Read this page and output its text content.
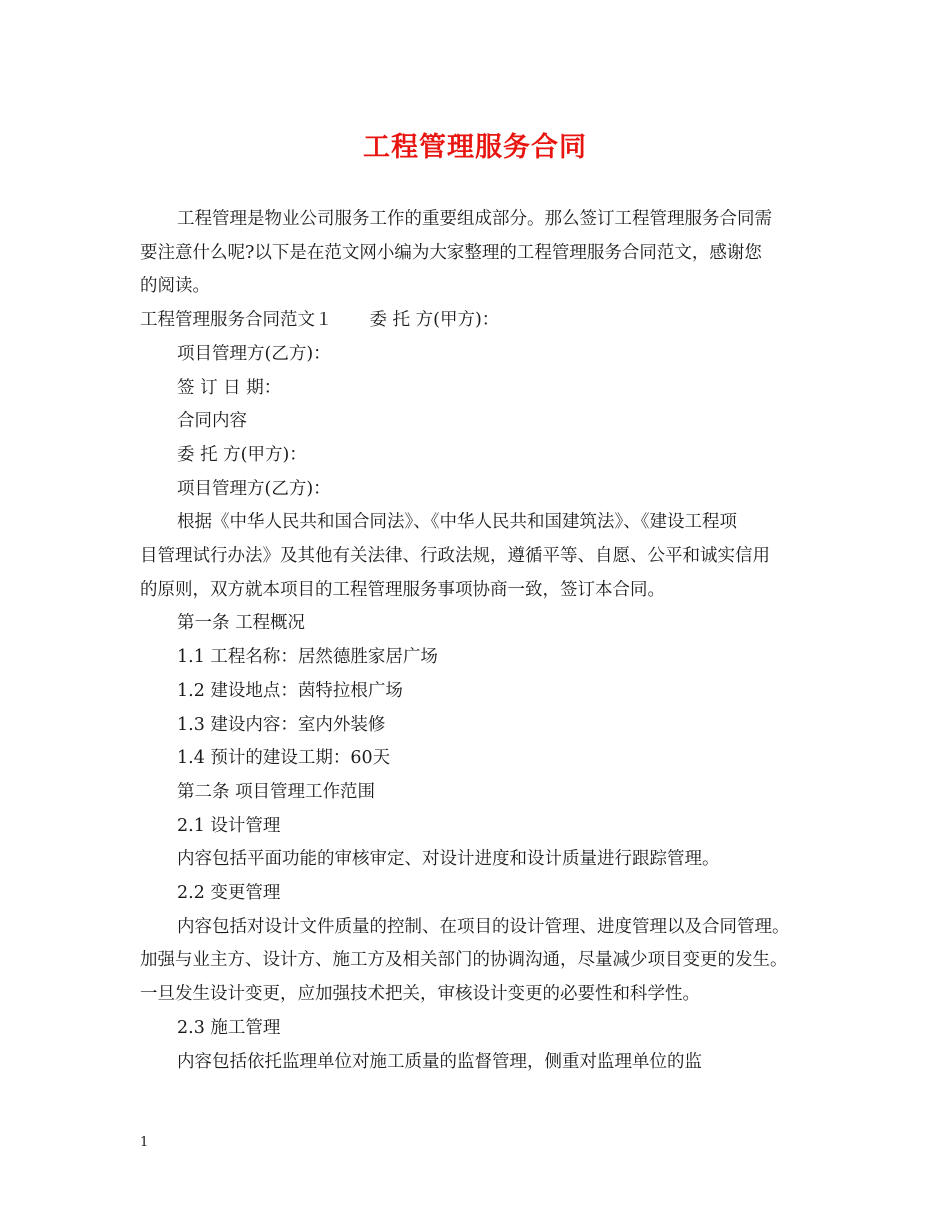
工程管理服务合同

工程管理是物业公司服务工作的重要组成部分。那么签订工程管理服务合同需

要注意什么呢?以下是在范文网小编为大家整理的工程管理服务合同范文，感谢您

的阅读。

工程管理服务合同范文１ 委 托 方(甲方)：

项目管理方(乙方)：

签 订 日 期：

合同内容

委 托 方(甲方)：

项目管理方(乙方)：

根据《中华人民共和国合同法》、《中华人民共和国建筑法》、《建设工程项

目管理试行办法》及其他有关法律、行政法规，遵循平等、自愿、公平和诚实信用

的原则，双方就本项目的工程管理服务事项协商一致，签订本合同。

第一条 工程概况

1.1 工程名称：居然德胜家居广场

1.2 建设地点：茵特拉根广场

1.3 建设内容：室内外装修

1.4 预计的建设工期：60天

第二条 项目管理工作范围

2.1 设计管理

内容包括平面功能的审核审定、对设计进度和设计质量进行跟踪管理。

2.2 变更管理

内容包括对设计文件质量的控制、在项目的设计管理、进度管理以及合同管理。

加强与业主方、设计方、施工方及相关部门的协调沟通，尽量减少项目变更的发生。

一旦发生设计变更，应加强技术把关，审核设计变更的必要性和科学性。

2.3 施工管理

内容包括依托监理单位对施工质量的监督管理，侧重对监理单位的监

1
